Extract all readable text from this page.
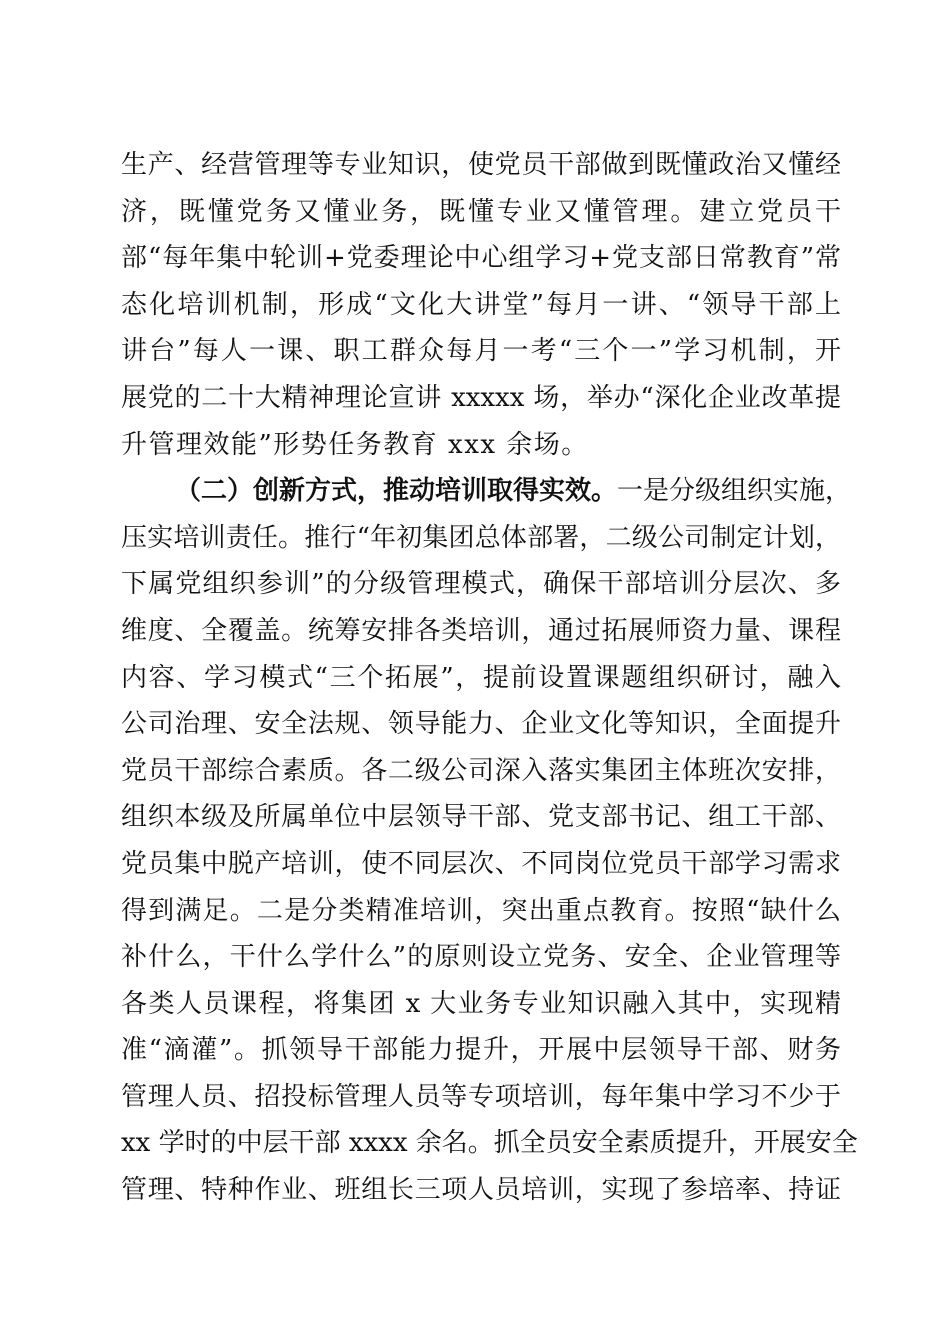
生产、经营管理等专业知识，使党员干部做到既懂政治又懂经
济，既懂党务又懂业务，既懂专业又懂管理。建立党员干
部“每年集中轮训+党委理论中心组学习+党支部日常教育”常
态化培训机制，形成“文化大讲堂”每月一讲、“领导干部上
讲台”每人一课、职工群众每月一考“三个一”学习机制，开
展党的二十大精神理论宣讲 xxxxx 场，举办“深化企业改革提
升管理效能”形势任务教育 xxx 余场。
（二）创新方式，推动培训取得实效。一是分级组织实施，
压实培训责任。推行“年初集团总体部署，二级公司制定计划，
下属党组织参训”的分级管理模式，确保干部培训分层次、多
维度、全覆盖。统筹安排各类培训，通过拓展师资力量、课程
内容、学习模式“三个拓展”，提前设置课题组织研讨，融入
公司治理、安全法规、领导能力、企业文化等知识，全面提升
党员干部综合素质。各二级公司深入落实集团主体班次安排，
组织本级及所属单位中层领导干部、党支部书记、组工干部、
党员集中脱产培训，使不同层次、不同岗位党员干部学习需求
得到满足。二是分类精准培训，突出重点教育。按照“缺什么
补什么，干什么学什么”的原则设立党务、安全、企业管理等
各类人员课程，将集团 x 大业务专业知识融入其中，实现精
准“滴灌”。抓领导干部能力提升，开展中层领导干部、财务
管理人员、招投标管理人员等专项培训，每年集中学习不少于
xx 学时的中层干部 xxxx 余名。抓全员安全素质提升，开展安全
管理、特种作业、班组长三项人员培训，实现了参培率、持证
